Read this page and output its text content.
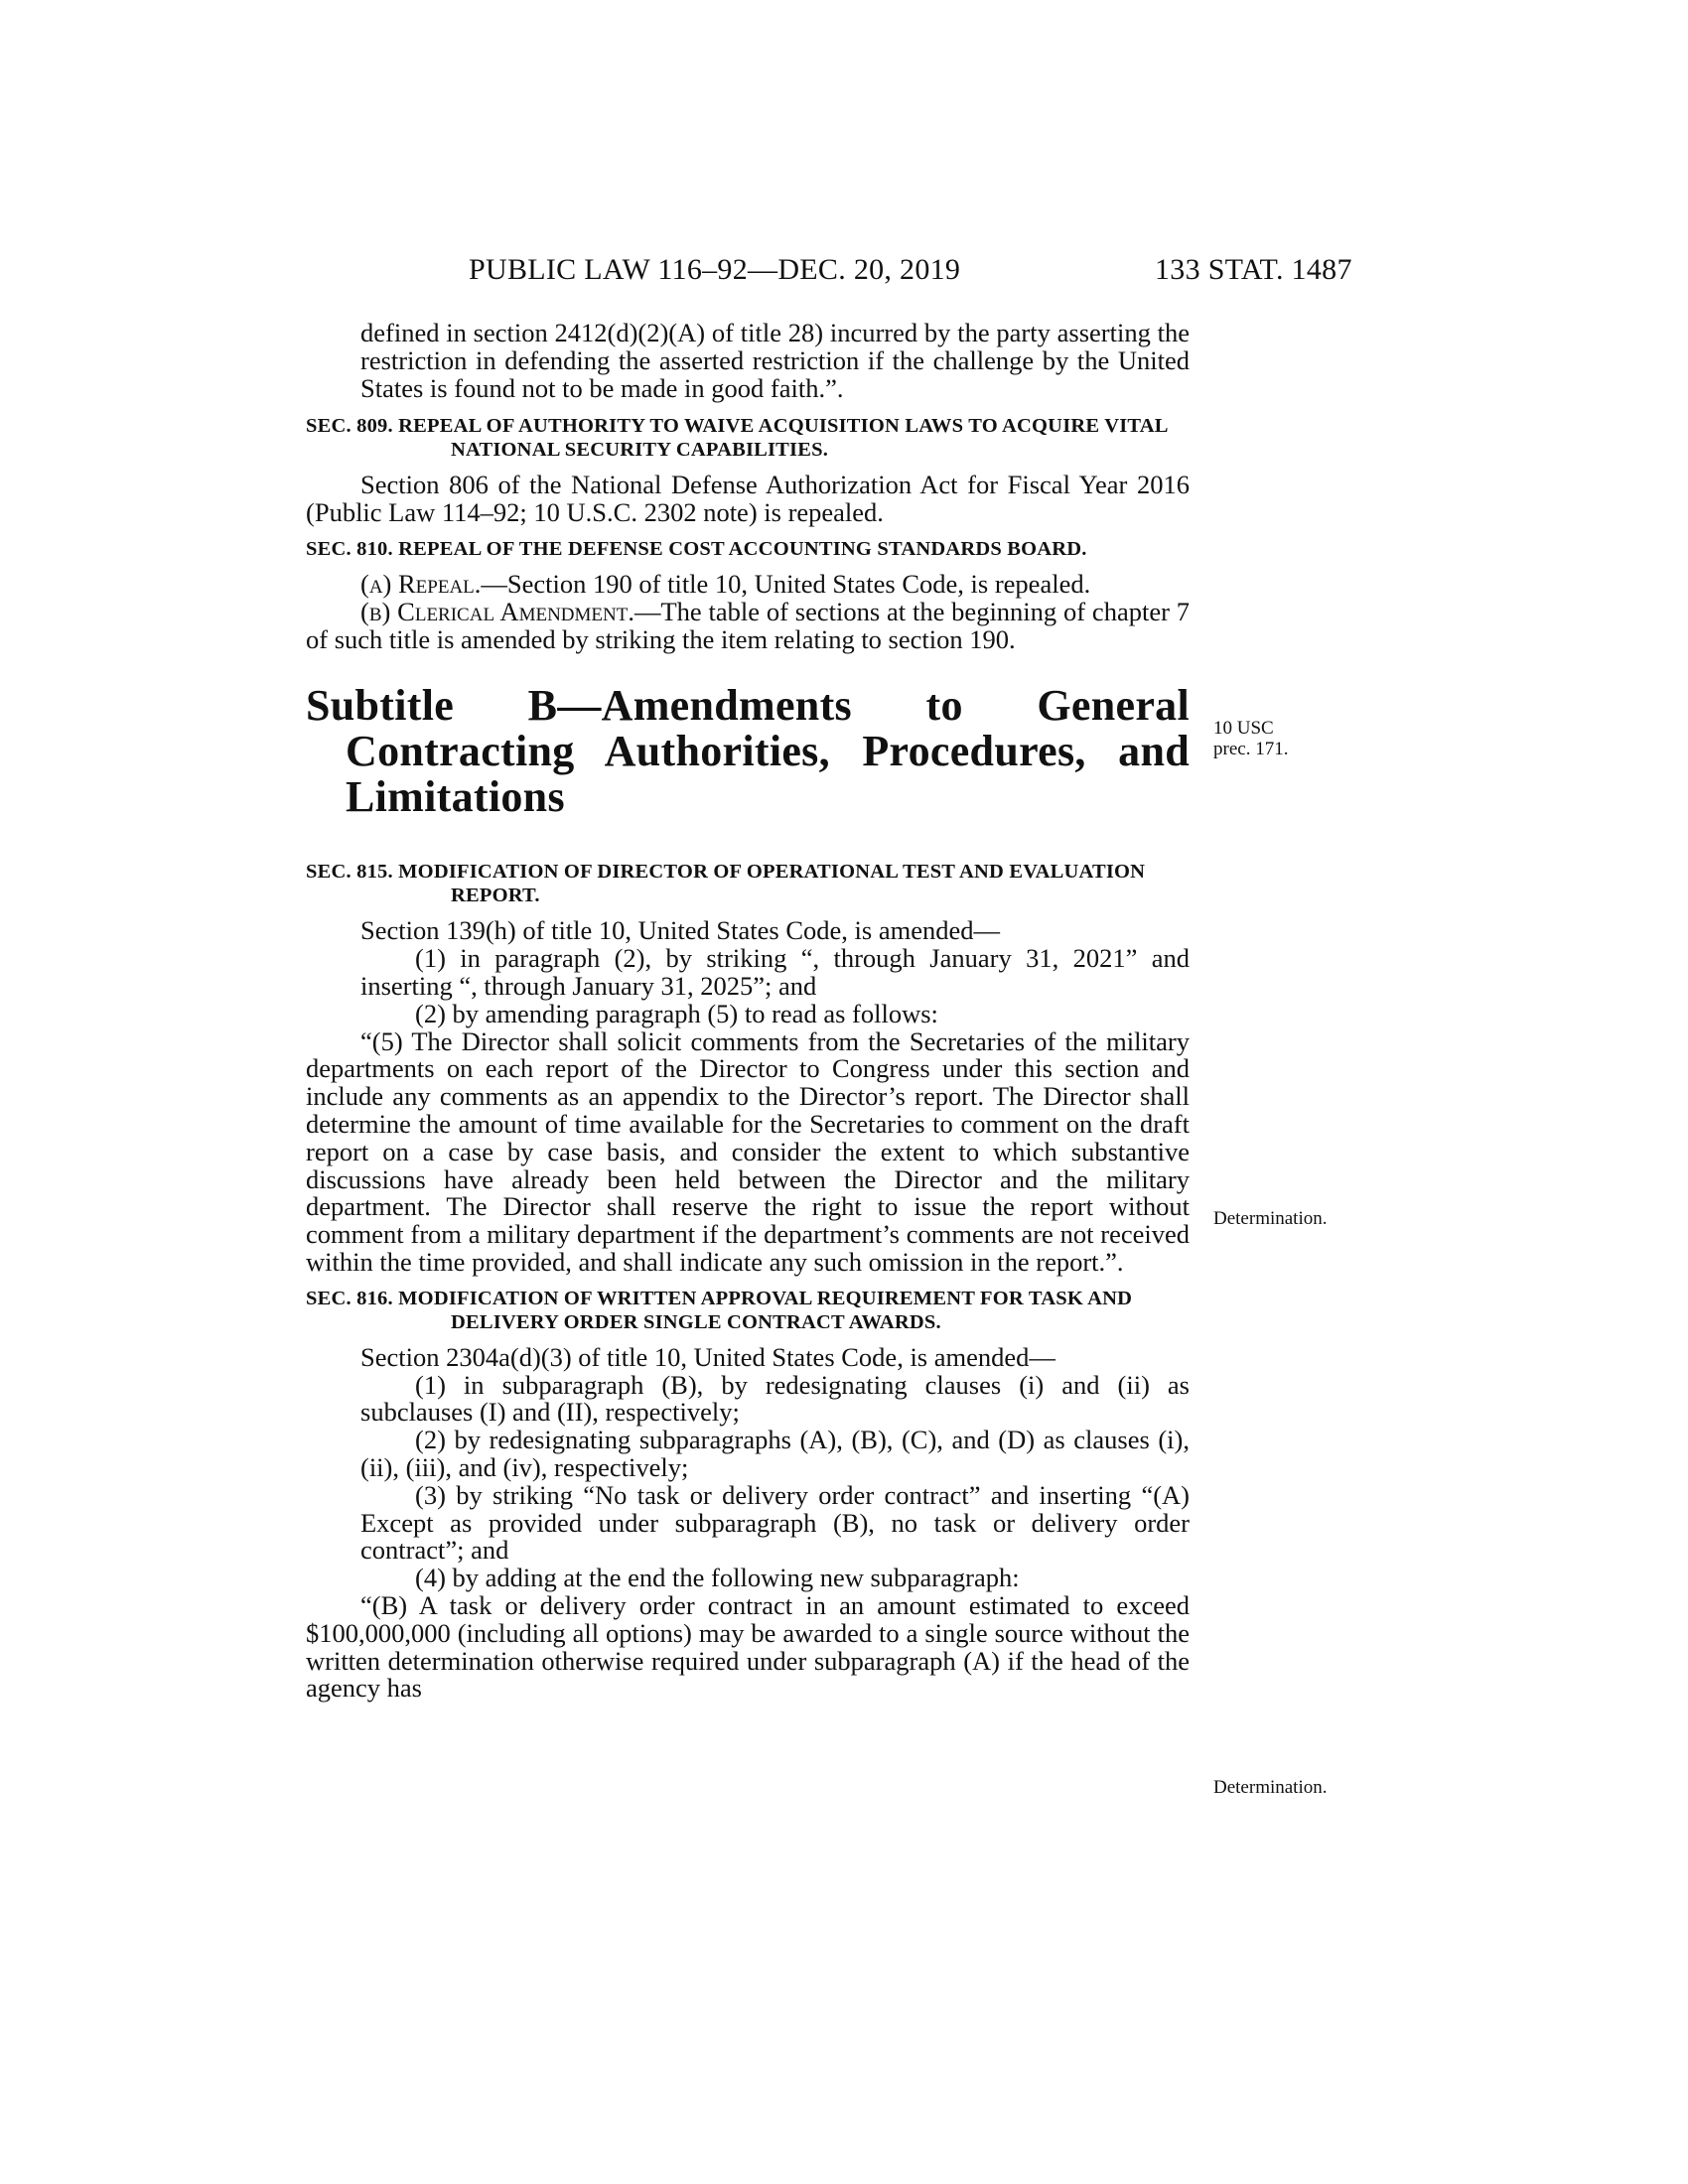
PUBLIC LAW 116–92—DEC. 20, 2019	133 STAT. 1487

defined in section 2412(d)(2)(A) of title 28) incurred by the party asserting the restriction in defending the asserted restriction if the challenge by the United States is found not to be made in good faith.”.

SEC. 809. REPEAL OF AUTHORITY TO WAIVE ACQUISITION LAWS TO ACQUIRE VITAL NATIONAL SECURITY CAPABILITIES.

Section 806 of the National Defense Authorization Act for Fiscal Year 2016 (Public Law 114–92; 10 U.S.C. 2302 note) is repealed.

SEC. 810. REPEAL OF THE DEFENSE COST ACCOUNTING STANDARDS BOARD.

(a) Repeal.—Section 190 of title 10, United States Code, is repealed.

(b) Clerical Amendment.—The table of sections at the beginning of chapter 7 of such title is amended by striking the item relating to section 190.

Subtitle B—Amendments to General Contracting Authorities, Procedures, and Limitations
SEC. 815. MODIFICATION OF DIRECTOR OF OPERATIONAL TEST AND EVALUATION REPORT.

Section 139(h) of title 10, United States Code, is amended—

(1) in paragraph (2), by striking “, through January 31, 2021” and inserting “, through January 31, 2025”; and

(2) by amending paragraph (5) to read as follows:

“(5) The Director shall solicit comments from the Secretaries of the military departments on each report of the Director to Congress under this section and include any comments as an appendix to the Director’s report. The Director shall determine the amount of time available for the Secretaries to comment on the draft report on a case by case basis, and consider the extent to which substantive discussions have already been held between the Director and the military department. The Director shall reserve the right to issue the report without comment from a military department if the department’s comments are not received within the time provided, and shall indicate any such omission in the report.”.

SEC. 816. MODIFICATION OF WRITTEN APPROVAL REQUIREMENT FOR TASK AND DELIVERY ORDER SINGLE CONTRACT AWARDS.

Section 2304a(d)(3) of title 10, United States Code, is amended—

(1) in subparagraph (B), by redesignating clauses (i) and (ii) as subclauses (I) and (II), respectively;

(2) by redesignating subparagraphs (A), (B), (C), and (D) as clauses (i), (ii), (iii), and (iv), respectively;

(3) by striking “No task or delivery order contract” and inserting “(A) Except as provided under subparagraph (B), no task or delivery order contract”; and

(4) by adding at the end the following new subparagraph:

“(B) A task or delivery order contract in an amount estimated to exceed $100,000,000 (including all options) may be awarded to a single source without the written determination otherwise required under subparagraph (A) if the head of the agency has

10 USC
prec. 171.
Determination.
Determination.
